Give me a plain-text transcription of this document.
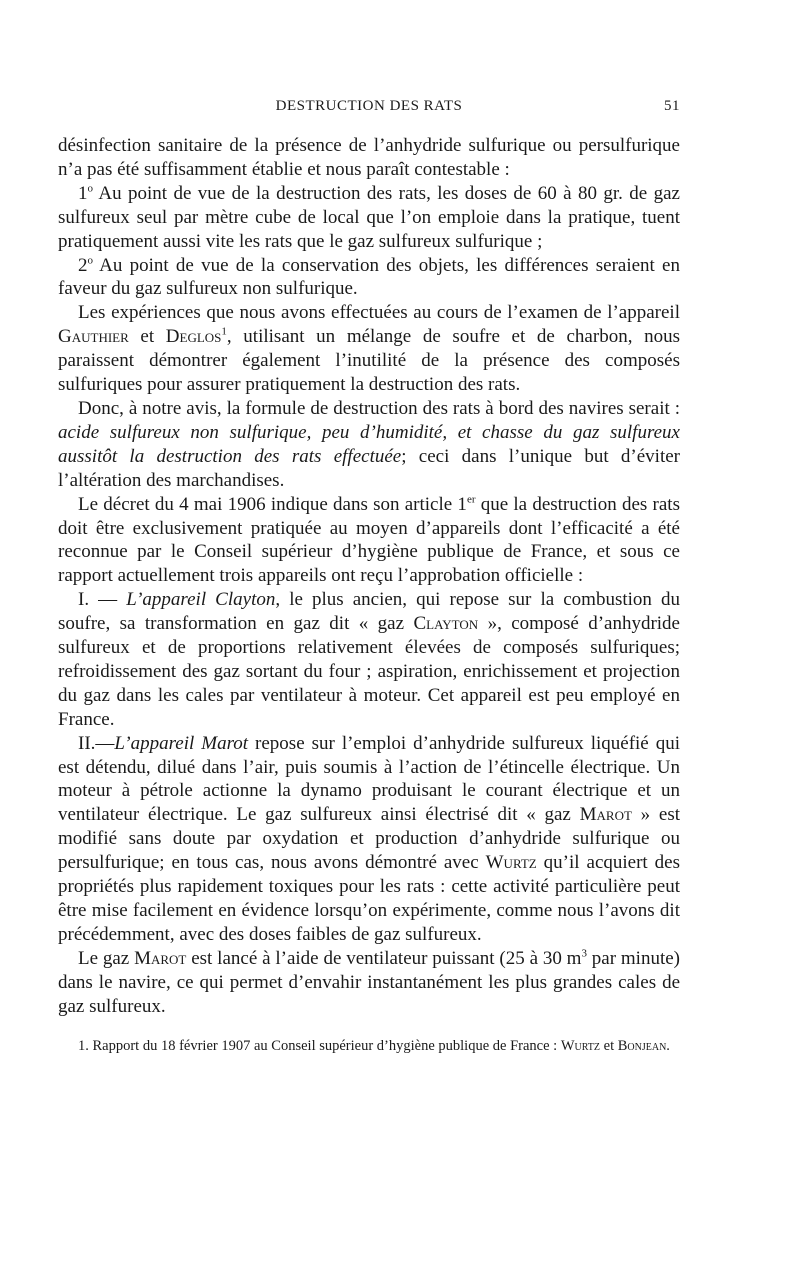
DESTRUCTION DES RATS	51

désinfection sanitaire de la présence de l’anhydride sulfurique ou persulfurique n’a pas été suffisamment établie et nous paraît contestable :

1$^o$ Au point de vue de la destruction des rats, les doses de 60 à 80 gr. de gaz sulfureux seul par mètre cube de local que l’on emploie dans la pratique, tuent pratiquement aussi vite les rats que le gaz sulfureux sulfurique ;

2$^o$ Au point de vue de la conservation des objets, les différences seraient en faveur du gaz sulfureux non sulfurique.

Les expériences que nous avons effectuées au cours de l’examen de l’appareil Gauthier et Deglos$^1$, utilisant un mélange de soufre et de charbon, nous paraissent démontrer également l’inutilité de la présence des composés sulfuriques pour assurer pratiquement la destruction des rats.

Donc, à notre avis, la formule de destruction des rats à bord des navires serait : acide sulfureux non sulfurique, peu d’humidité, et chasse du gaz sulfureux aussitôt la destruction des rats effectuée; ceci dans l’unique but d’éviter l’altération des marchandises.

Le décret du 4 mai 1906 indique dans son article 1er que la destruction des rats doit être exclusivement pratiquée au moyen d’appareils dont l’efficacité a été reconnue par le Conseil supérieur d’hygiène publique de France, et sous ce rapport actuellement trois appareils ont reçu l’approbation officielle :

I. — L’appareil Clayton, le plus ancien, qui repose sur la combustion du soufre, sa transformation en gaz dit « gaz Clayton », composé d’anhydride sulfureux et de proportions relativement élevées de composés sulfuriques; refroidissement des gaz sortant du four ; aspiration, enrichissement et projection du gaz dans les cales par ventilateur à moteur. Cet appareil est peu employé en France.

II.—L’appareil Marot repose sur l’emploi d’anhydride sulfureux liquéfié qui est détendu, dilué dans l’air, puis soumis à l’action de l’étincelle électrique. Un moteur à pétrole actionne la dynamo produisant le courant électrique et un ventilateur électrique. Le gaz sulfureux ainsi électrisé dit « gaz Marot » est modifié sans doute par oxydation et production d’anhydride sulfurique ou persulfurique; en tous cas, nous avons démontré avec Wurtz qu’il acquiert des propriétés plus rapidement toxiques pour les rats : cette activité particulière peut être mise facilement en évidence lorsqu’on expérimente, comme nous l’avons dit précédemment, avec des doses faibles de gaz sulfureux.

Le gaz Marot est lancé à l’aide de ventilateur puissant (25 à 30 $m^3$ par minute) dans le navire, ce qui permet d’envahir instantanément les plus grandes cales de gaz sulfureux.

1. Rapport du 18 février 1907 au Conseil supérieur d’hygiène publique de France : Wurtz et Bonjean.
